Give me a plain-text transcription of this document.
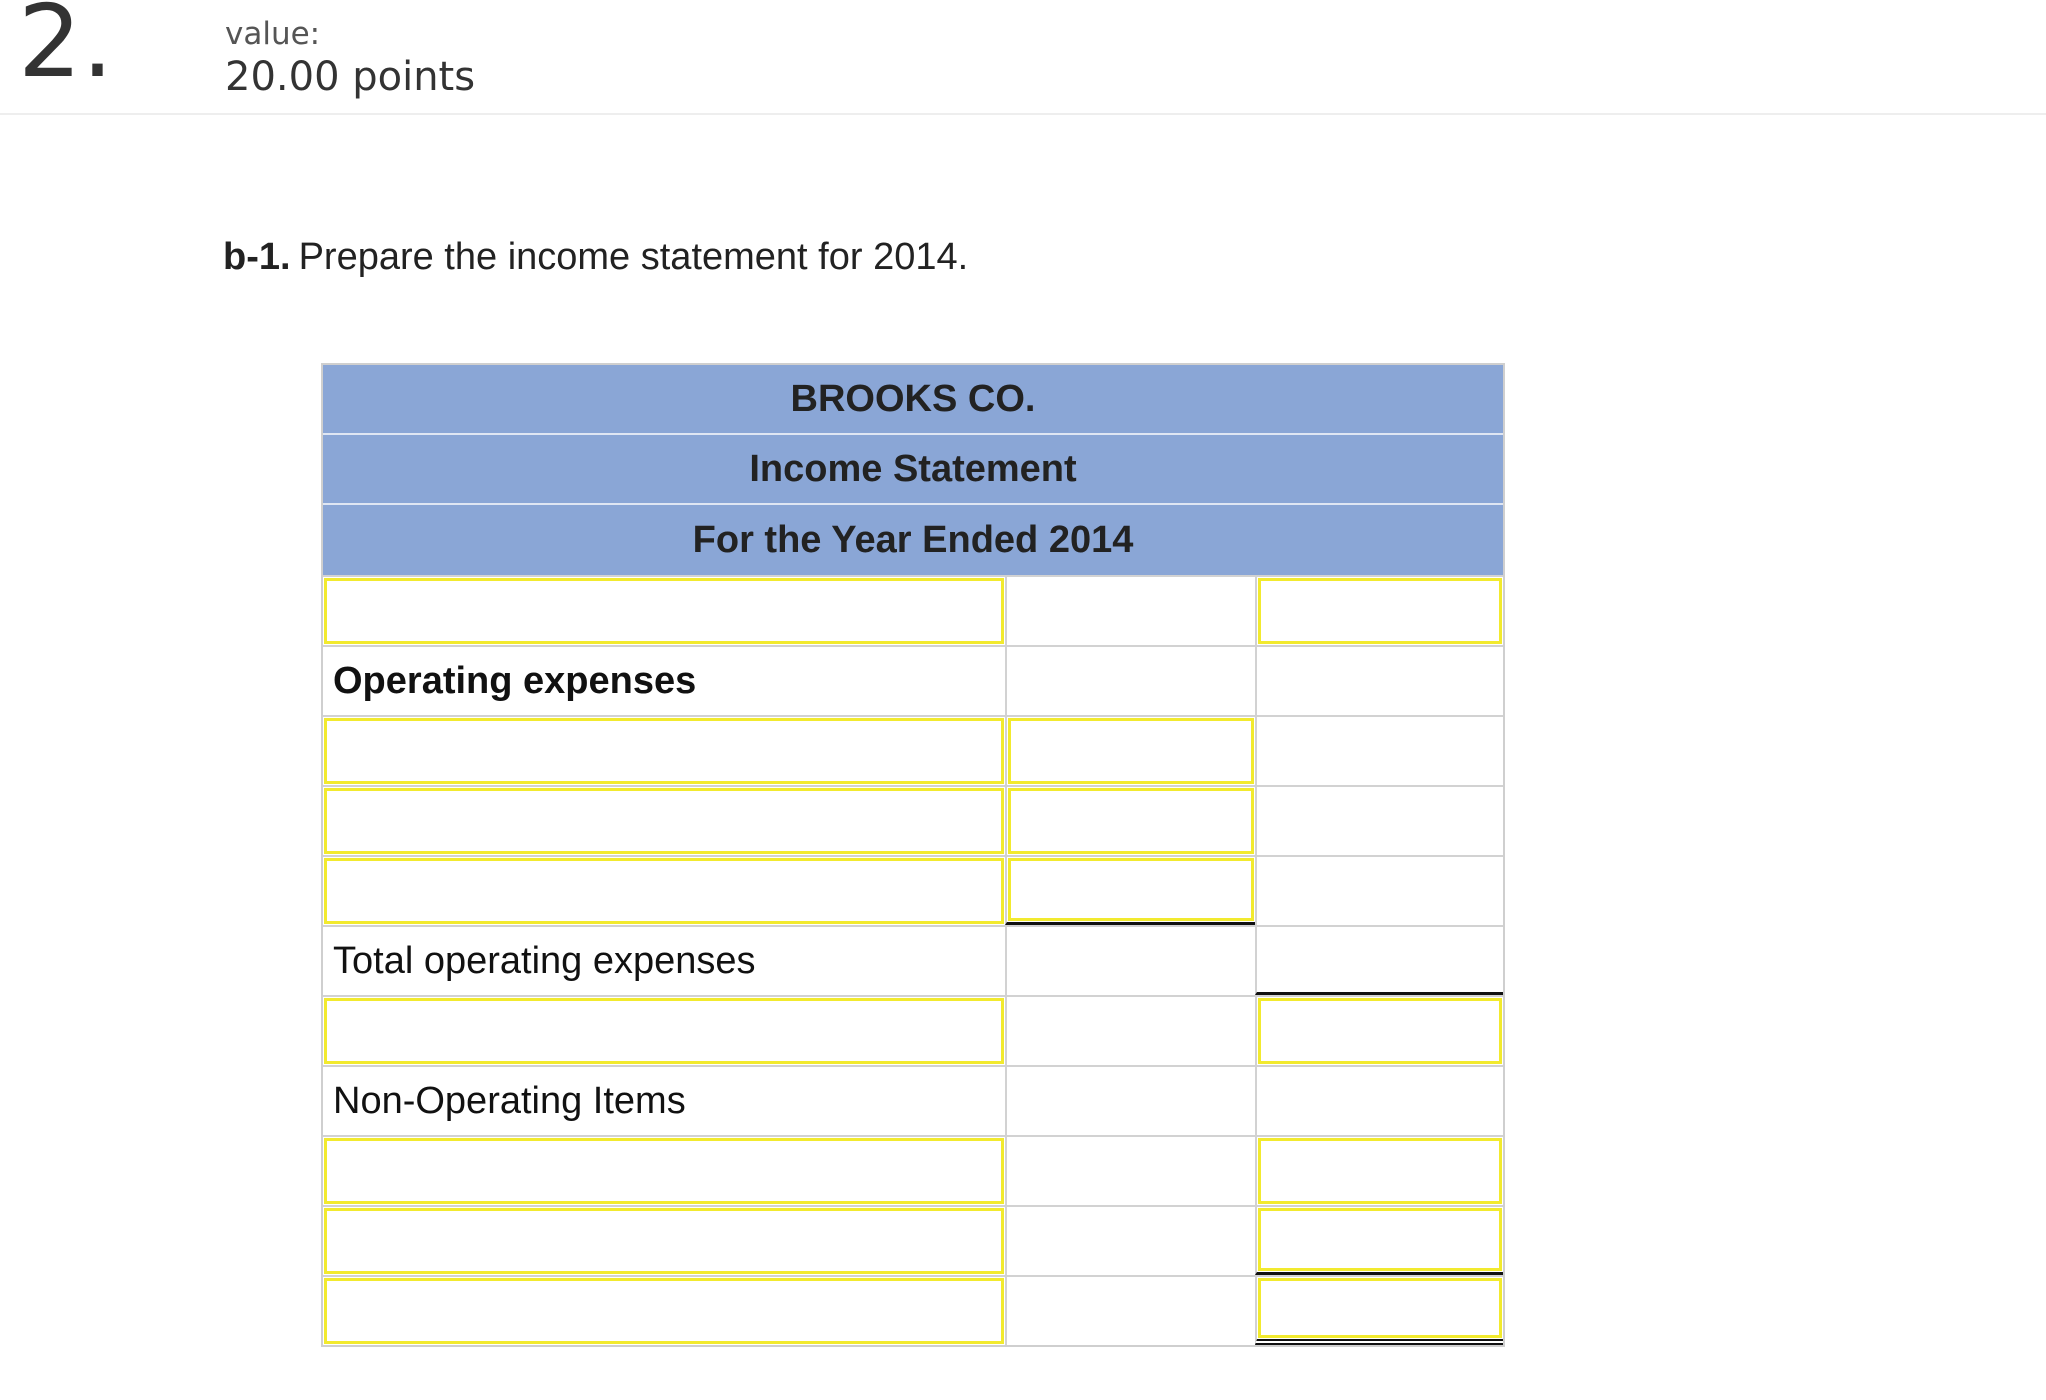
2.	value:
20.00 points
b-1. Prepare the income statement for 2014.
BROOKS CO.
Income Statement
For the Year Ended 2014
Operating expenses
Total operating expenses
Non-Operating Items
